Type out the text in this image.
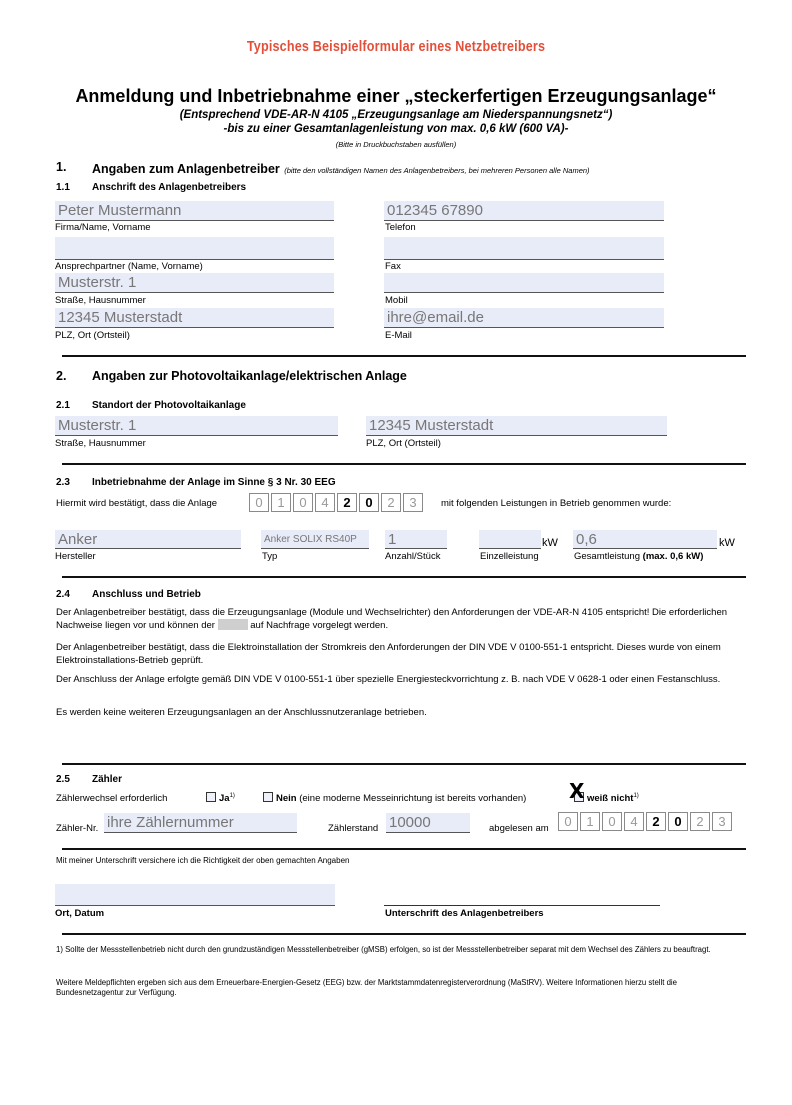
Typisches Beispielformular eines Netzbetreibers
Anmeldung und Inbetriebnahme einer „steckerfertigen Erzeugungsanlage“
(Entsprechend VDE-AR-N 4105 „Erzeugungsanlage am Niederspannungsnetz“)
-bis zu einer Gesamtanlagenleistung von max. 0,6 kW (600 VA)-
(Bitte in Druckbuchstaben ausfüllen)
1. Angaben zum Anlagenbetreiber (bitte den vollständigen Namen des Anlagenbetreibers, bei mehreren Personen alle Namen)
1.1 Anschrift des Anlagenbetreibers
Peter Mustermann
Firma/Name, Vorname
012345 67890
Telefon
Ansprechpartner (Name, Vorname)	Fax
Musterstr. 1
Straße, Hausnummer	Mobil
12345 Musterstadt
PLZ, Ort (Ortsteil)
ihre@email.de
E-Mail
2. Angaben zur Photovoltaikanlage/elektrischen Anlage
2.1 Standort der Photovoltaikanlage
Musterstr. 1
Straße, Hausnummer
12345 Musterstadt
PLZ, Ort (Ortsteil)
2.3 Inbetriebnahme der Anlage im Sinne § 3 Nr. 30 EEG
Hiermit wird bestätigt, dass die Anlage	0	1	0	4	2	0	2	3	mit folgenden Leistungen in Betrieb genommen wurde:
Anker
Hersteller
Anker SOLIX RS40P
Typ
1
Anzahl/Stück
kW
Einzelleistung
0,6	kW
Gesamtleistung (max. 0,6 kW)
2.4 Anschluss und Betrieb
Der Anlagenbetreiber bestätigt, dass die Erzeugungsanlage (Module und Wechselrichter) den Anforderungen der VDE-AR-N 4105 entspricht! Die erforderlichen Nachweise liegen vor und können der	auf Nachfrage vorgelegt werden.
Der Anlagenbetreiber bestätigt, dass die Elektroinstallation der Stromkreis den Anforderungen der DIN VDE V 0100-551-1 entspricht. Dieses wurde von einem Elektroinstallations-Betrieb geprüft.
Der Anschluss der Anlage erfolgte gemäß DIN VDE V 0100-551-1 über spezielle Energiesteckvorrichtung z. B. nach VDE V 0628-1 oder einen Festanschluss.
Es werden keine weiteren Erzeugungsanlagen an der Anschlussnutzeranlage betrieben.
2.5 Zähler
Zählerwechsel erforderlich	Ja$^{1)}$	Nein (eine moderne Messeinrichtung ist bereits vorhanden)	weiß nicht$^{1)}$
X
Zähler-Nr. ihre Zählernummer	Zählerstand 10000	abgelesen am	0	1	0	4	2	0	2	3
Mit meiner Unterschrift versichere ich die Richtigkeit der oben gemachten Angaben
Ort, Datum	Unterschrift des Anlagenbetreibers
1) Sollte der Messstellenbetrieb nicht durch den grundzuständigen Messstellenbetreiber (gMSB) erfolgen, so ist der Messstellenbetreiber separat mit dem Wechsel des Zählers zu beauftragt.
Weitere Meldepflichten ergeben sich aus dem Erneuerbare-Energien-Gesetz (EEG) bzw. der Marktstammdatenregisterverordnung (MaStRV). Weitere Informationen hierzu stellt die Bundesnetzagentur zur Verfügung.
